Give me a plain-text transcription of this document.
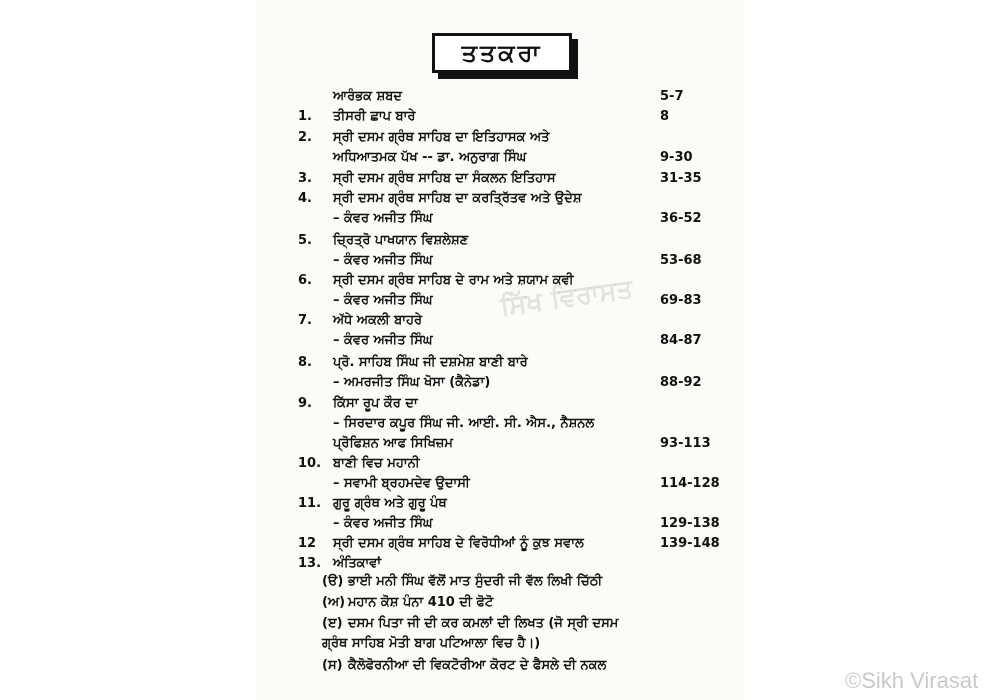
ਤਤਕਰਾ
ਸਿੱਖ ਵਿਰਾਸਤ
ਆਰੰਭਕ ਸ਼ਬਦ	5-7
1.	ਤੀਸਰੀ ਛਾਪ ਬਾਰੇ	8
2.	ਸ੍ਰੀ ਦਸਮ ਗ੍ਰੰਥ ਸਾਹਿਬ ਦਾ ਇਤਿਹਾਸਕ ਅਤੇ
ਅਧਿਆਤਮਕ ਪੱਖ -- ਡਾ. ਅਨੁਰਾਗ ਸਿੰਘ	9-30
3.	ਸ੍ਰੀ ਦਸਮ ਗ੍ਰੰਥ ਸਾਹਿਬ ਦਾ ਸੰਕਲਨ ਇਤਿਹਾਸ	31-35
4.	ਸ੍ਰੀ ਦਸਮ ਗ੍ਰੰਥ ਸਾਹਿਬ ਦਾ ਕਰਤ੍ਰਿੱਤਵ ਅਤੇ ਉਦੇਸ਼
– ਕੰਵਰ ਅਜੀਤ ਸਿੰਘ	36-52
5.	ਚ੍ਰਿਤ੍ਰੋ ਪਾਖਯਾਨ ਵਿਸ਼ਲੇਸ਼ਣ
– ਕੰਵਰ ਅਜੀਤ ਸਿੰਘ	53-68
6.	ਸ੍ਰੀ ਦਸਮ ਗ੍ਰੰਥ ਸਾਹਿਬ ਦੇ ਰਾਮ ਅਤੇ ਸ਼ਯਾਮ ਕਵੀ
– ਕੰਵਰ ਅਜੀਤ ਸਿੰਘ	69-83
7.	ਅੱਧੇ ਅਕਲੀ ਬਾਹਰੇ
– ਕੰਵਰ ਅਜੀਤ ਸਿੰਘ	84-87
8.	ਪ੍ਰੋ. ਸਾਹਿਬ ਸਿੰਘ ਜੀ ਦਸ਼ਮੇਸ਼ ਬਾਣੀ ਬਾਰੇ
– ਅਮਰਜੀਤ ਸਿੰਘ ਖੋਸਾ (ਕੈਨੇਡਾ)	88-92
9.	ਕਿੱਸਾ ਰੂਪ ਕੌਰ ਦਾ
– ਸਿਰਦਾਰ ਕਪੂਰ ਸਿੰਘ ਜੀ. ਆਈ. ਸੀ. ਐਸ., ਨੈਸ਼ਨਲ
ਪ੍ਰੋਫਿਸ਼ਨ ਆਫ ਸਿਖਿਜ਼ਮ	93-113
10. ਬਾਣੀ ਵਿਚ ਮਹਾਨੀ
– ਸਵਾਮੀ ਬ੍ਰਹਮਦੇਵ ਉਦਾਸੀ	114-128
11. ਗੁਰੂ ਗ੍ਰੰਥ ਅਤੇ ਗੁਰੂ ਪੰਥ
– ਕੰਵਰ ਅਜੀਤ ਸਿੰਘ	129-138
12	ਸ੍ਰੀ ਦਸਮ ਗ੍ਰੰਥ ਸਾਹਿਬ ਦੇ ਵਿਰੋਧੀਆਂ ਨੂੰ ਕੁਝ ਸਵਾਲ	139-148
13. ਅੰਤਿਕਾਵਾਂ
(ੳ) ਭਾਈ ਮਨੀ ਸਿੰਘ ਵੱਲੋਂ ਮਾਤ ਸੁੰਦਰੀ ਜੀ ਵੱਲ ਲਿਖੀ ਚਿੱਠੀ
(ਅ) ਮਹਾਨ ਕੋਸ਼ ਪੰਨਾ 410 ਦੀ ਫੋਟੋ
(ੲ) ਦਸਮ ਪਿਤਾ ਜੀ ਦੀ ਕਰ ਕਮਲਾਂ ਦੀ ਲਿਖਤ (ਜੋ ਸ੍ਰੀ ਦਸਮ
ਗ੍ਰੰਥ ਸਾਹਿਬ ਮੋਤੀ ਬਾਗ ਪਟਿਆਲਾ ਵਿਚ ਹੈ।)
(ਸ) ਕੈਲੋਫੋਰਨੀਆ ਦੀ ਵਿਕਟੋਰੀਆ ਕੋਰਟ ਦੇ ਫੈਸਲੇ ਦੀ ਨਕਲ
©Sikh Virasat
